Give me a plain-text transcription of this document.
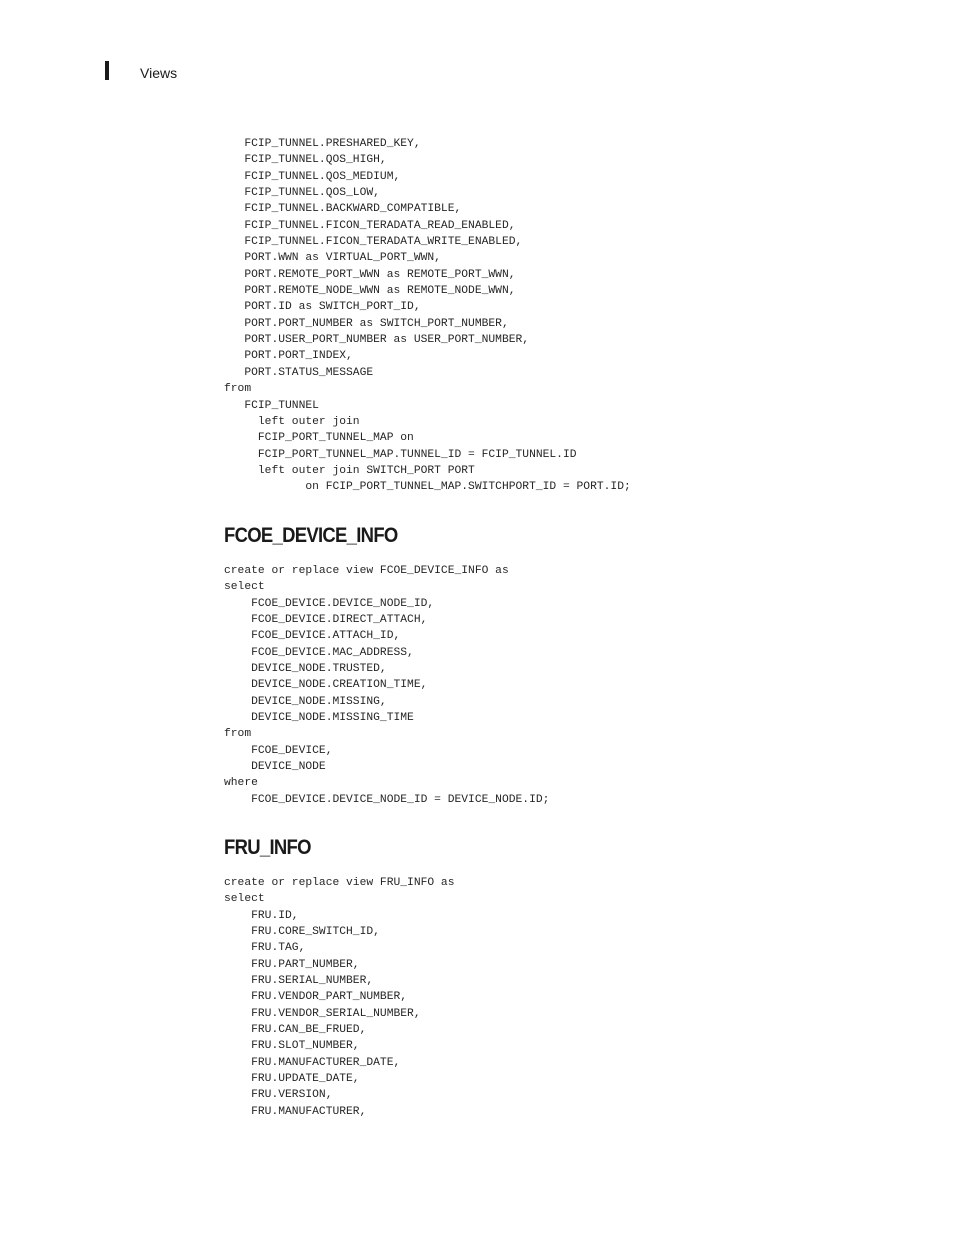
Views
FCIP_TUNNEL.PRESHARED_KEY,
FCIP_TUNNEL.QOS_HIGH,
FCIP_TUNNEL.QOS_MEDIUM,
FCIP_TUNNEL.QOS_LOW,
FCIP_TUNNEL.BACKWARD_COMPATIBLE,
FCIP_TUNNEL.FICON_TERADATA_READ_ENABLED,
FCIP_TUNNEL.FICON_TERADATA_WRITE_ENABLED,
PORT.WWN as VIRTUAL_PORT_WWN,
PORT.REMOTE_PORT_WWN as REMOTE_PORT_WWN,
PORT.REMOTE_NODE_WWN as REMOTE_NODE_WWN,
PORT.ID as SWITCH_PORT_ID,
PORT.PORT_NUMBER as SWITCH_PORT_NUMBER,
PORT.USER_PORT_NUMBER as USER_PORT_NUMBER,
PORT.PORT_INDEX,
PORT.STATUS_MESSAGE
from
FCIP_TUNNEL
left outer join
FCIP_PORT_TUNNEL_MAP on
FCIP_PORT_TUNNEL_MAP.TUNNEL_ID = FCIP_TUNNEL.ID
left outer join SWITCH_PORT PORT
on FCIP_PORT_TUNNEL_MAP.SWITCHPORT_ID = PORT.ID;
FCOE_DEVICE_INFO
create or replace view FCOE_DEVICE_INFO as
select
FCOE_DEVICE.DEVICE_NODE_ID,
FCOE_DEVICE.DIRECT_ATTACH,
FCOE_DEVICE.ATTACH_ID,
FCOE_DEVICE.MAC_ADDRESS,
DEVICE_NODE.TRUSTED,
DEVICE_NODE.CREATION_TIME,
DEVICE_NODE.MISSING,
DEVICE_NODE.MISSING_TIME
from
FCOE_DEVICE,
DEVICE_NODE
where
FCOE_DEVICE.DEVICE_NODE_ID = DEVICE_NODE.ID;
FRU_INFO
create or replace view FRU_INFO as
select
FRU.ID,
FRU.CORE_SWITCH_ID,
FRU.TAG,
FRU.PART_NUMBER,
FRU.SERIAL_NUMBER,
FRU.VENDOR_PART_NUMBER,
FRU.VENDOR_SERIAL_NUMBER,
FRU.CAN_BE_FRUED,
FRU.SLOT_NUMBER,
FRU.MANUFACTURER_DATE,
FRU.UPDATE_DATE,
FRU.VERSION,
FRU.MANUFACTURER,
